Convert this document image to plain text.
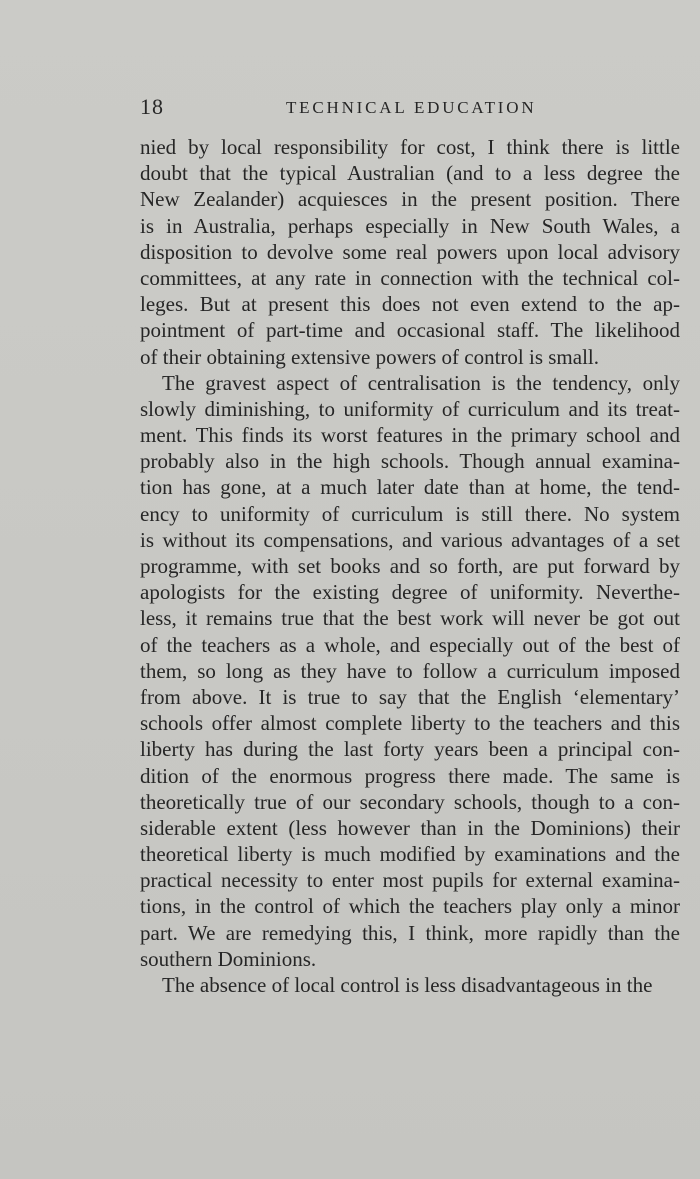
18	TECHNICAL EDUCATION
nied by local responsibility for cost, I think there is little
doubt that the typical Australian (and to a less degree the
New Zealander) acquiesces in the present position. There
is in Australia, perhaps especially in New South Wales, a
disposition to devolve some real powers upon local advisory
committees, at any rate in connection with the technical col-
leges. But at present this does not even extend to the ap-
pointment of part-time and occasional staff. The likelihood
of their obtaining extensive powers of control is small.
The gravest aspect of centralisation is the tendency, only
slowly diminishing, to uniformity of curriculum and its treat-
ment. This finds its worst features in the primary school and
probably also in the high schools. Though annual examina-
tion has gone, at a much later date than at home, the tend-
ency to uniformity of curriculum is still there. No system
is without its compensations, and various advantages of a set
programme, with set books and so forth, are put forward by
apologists for the existing degree of uniformity. Neverthe-
less, it remains true that the best work will never be got out
of the teachers as a whole, and especially out of the best of
them, so long as they have to follow a curriculum imposed
from above. It is true to say that the English ‘elementary’
schools offer almost complete liberty to the teachers and this
liberty has during the last forty years been a principal con-
dition of the enormous progress there made. The same is
theoretically true of our secondary schools, though to a con-
siderable extent (less however than in the Dominions) their
theoretical liberty is much modified by examinations and the
practical necessity to enter most pupils for external examina-
tions, in the control of which the teachers play only a minor
part. We are remedying this, I think, more rapidly than the
southern Dominions.
The absence of local control is less disadvantageous in the
